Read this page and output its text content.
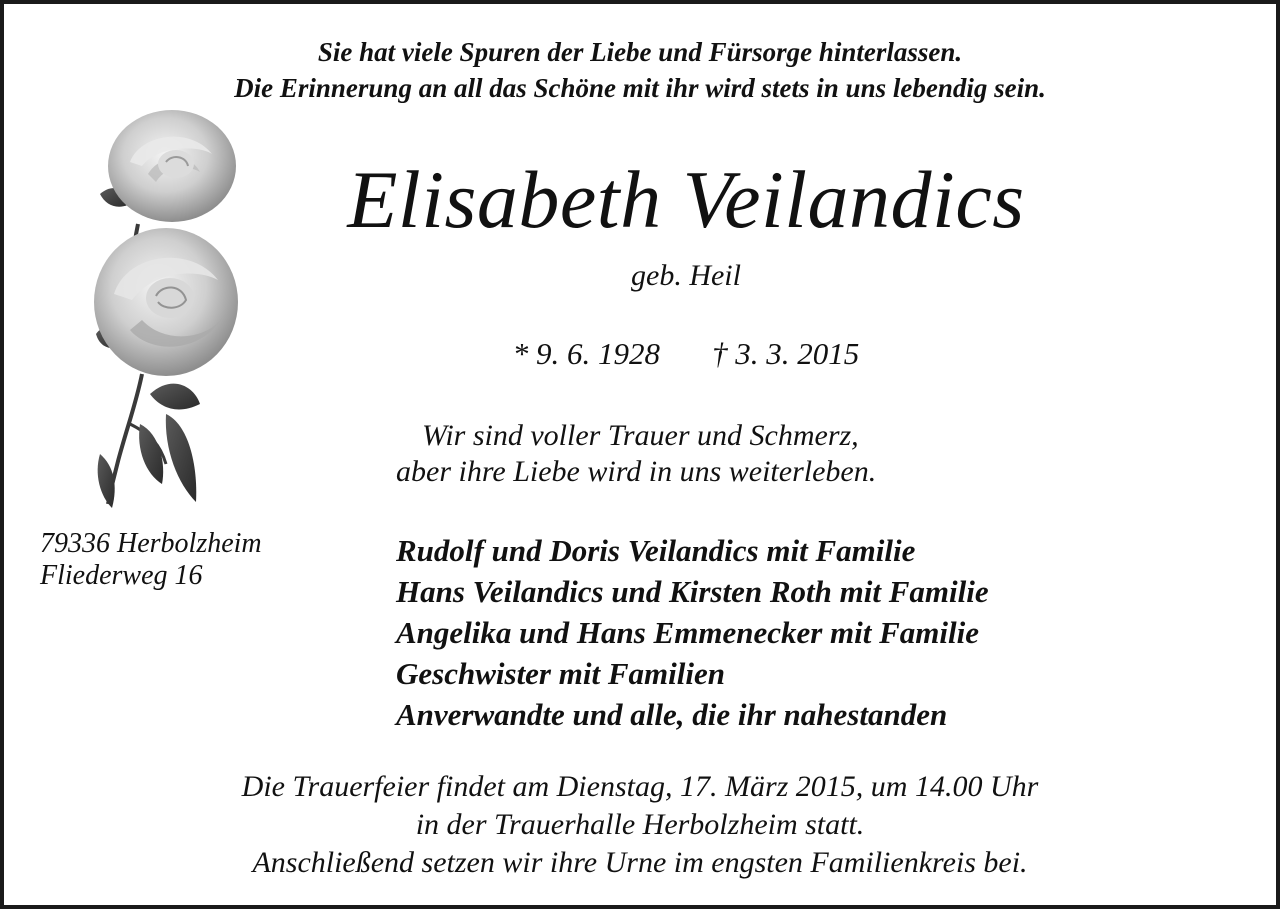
Sie hat viele Spuren der Liebe und Fürsorge hinterlassen.
Die Erinnerung an all das Schöne mit ihr wird stets in uns lebendig sein.
Elisabeth Veilandics
geb. Heil
* 9. 6. 1928 † 3. 3. 2015
Wir sind voller Trauer und Schmerz,
aber ihre Liebe wird in uns weiterleben.
79336 Herbolzheim
Fliederweg 16
Rudolf und Doris Veilandics mit Familie
Hans Veilandics und Kirsten Roth mit Familie
Angelika und Hans Emmenecker mit Familie
Geschwister mit Familien
Anverwandte und alle, die ihr nahestanden
Die Trauerfeier findet am Dienstag, 17. März 2015, um 14.00 Uhr
in der Trauerhalle Herbolzheim statt.
Anschließend setzen wir ihre Urne im engsten Familienkreis bei.
